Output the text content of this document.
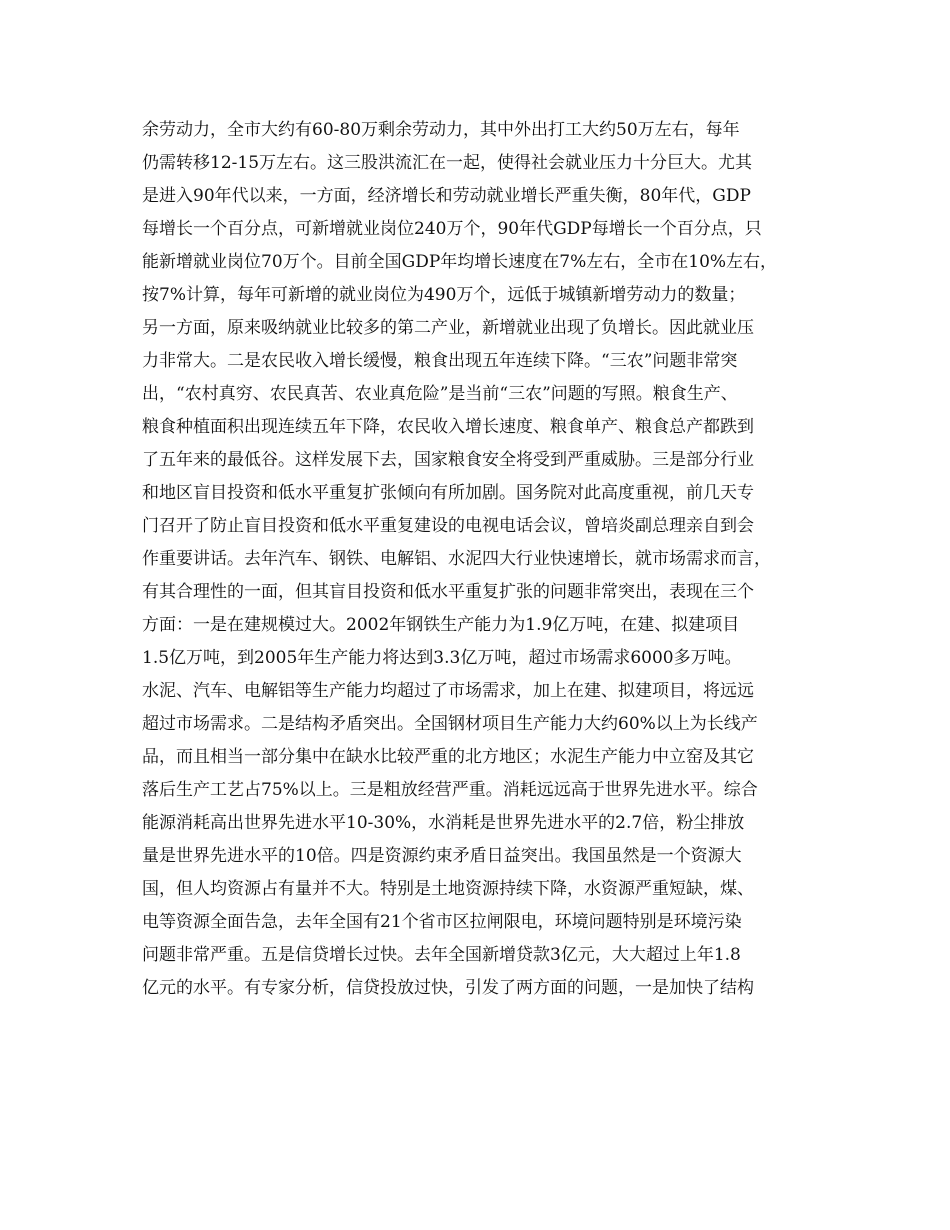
余劳动力，全市大约有60-80万剩余劳动力，其中外出打工大约50万左右，每年
仍需转移12-15万左右。这三股洪流汇在一起，使得社会就业压力十分巨大。尤其
是进入90年代以来，一方面，经济增长和劳动就业增长严重失衡，80年代，GDP
每增长一个百分点，可新增就业岗位240万个，90年代GDP每增长一个百分点，只
能新增就业岗位70万个。目前全国GDP年均增长速度在7%左右，全市在10%左右，
按7%计算，每年可新增的就业岗位为490万个，远低于城镇新增劳动力的数量；
另一方面，原来吸纳就业比较多的第二产业，新增就业出现了负增长。因此就业压
力非常大。二是农民收入增长缓慢，粮食出现五年连续下降。“三农”问题非常突
出，“农村真穷、农民真苦、农业真危险”是当前“三农”问题的写照。粮食生产、
粮食种植面积出现连续五年下降，农民收入增长速度、粮食单产、粮食总产都跌到
了五年来的最低谷。这样发展下去，国家粮食安全将受到严重威胁。三是部分行业
和地区盲目投资和低水平重复扩张倾向有所加剧。国务院对此高度重视，前几天专
门召开了防止盲目投资和低水平重复建设的电视电话会议，曾培炎副总理亲自到会
作重要讲话。去年汽车、钢铁、电解铝、水泥四大行业快速增长，就市场需求而言，
有其合理性的一面，但其盲目投资和低水平重复扩张的问题非常突出，表现在三个
方面：一是在建规模过大。2002年钢铁生产能力为1.9亿万吨，在建、拟建项目
1.5亿万吨，到2005年生产能力将达到3.3亿万吨，超过市场需求6000多万吨。
水泥、汽车、电解铝等生产能力均超过了市场需求，加上在建、拟建项目，将远远
超过市场需求。二是结构矛盾突出。全国钢材项目生产能力大约60%以上为长线产
品，而且相当一部分集中在缺水比较严重的北方地区；水泥生产能力中立窑及其它
落后生产工艺占75%以上。三是粗放经营严重。消耗远远高于世界先进水平。综合
能源消耗高出世界先进水平10-30%，水消耗是世界先进水平的2.7倍，粉尘排放
量是世界先进水平的10倍。四是资源约束矛盾日益突出。我国虽然是一个资源大
国，但人均资源占有量并不大。特别是土地资源持续下降，水资源严重短缺，煤、
电等资源全面告急，去年全国有21个省市区拉闸限电，环境问题特别是环境污染
问题非常严重。五是信贷增长过快。去年全国新增贷款3亿元，大大超过上年1.8
亿元的水平。有专家分析，信贷投放过快，引发了两方面的问题，一是加快了结构
